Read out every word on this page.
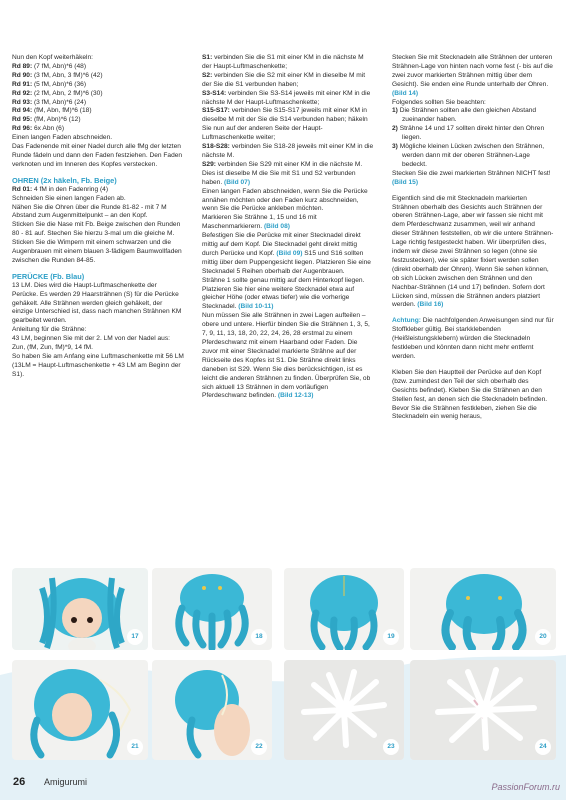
Nun den Kopf weiterhäkeln:

Rd 89: (7 fM, Abn)*6 (48)

Rd 90: (3 fM, Abn, 3 fM)*6 (42)

Rd 91: (5 fM, Abn)*6 (36)

Rd 92: (2 fM, Abn, 2 fM)*6 (30)

Rd 93: (3 fM, Abn)*6 (24)

Rd 94: (fM, Abn, fM)*6 (18)

Rd 95: (fM, Abn)*6 (12)

Rd 96: 6x Abn (6)

Einen langen Faden abschneiden.

Das Fadenende mit einer Nadel durch alle fMg der letzten Runde fädeln und dann den Faden festziehen. Den Faden verknoten und im Inneren des Kopfes verstecken.

OHREN (2x häkeln, Fb. Beige)

Rd 01: 4 fM in den Fadenring (4)

Schneiden Sie einen langen Faden ab.

Nähen Sie die Ohren über die Runde 81-82 - mit 7 M Abstand zum Augenmittelpunkt – an den Kopf.

Sticken Sie die Nase mit Fb. Beige zwischen den Runden 80 - 81 auf. Stechen Sie hierzu 3-mal um die gleiche M. Sticken Sie die Wimpern mit einem schwarzen und die Augenbrauen mit einem blauen 3-fädigem Baumwollfaden zwischen die Runden 84-85.

PERÜCKE (Fb. Blau)

13 LM. Dies wird die Haupt-Luftmaschenkette der Perücke. Es werden 29 Haarsträhnen (S) für die Perücke gehäkelt. Alle Strähnen werden gleich gehäkelt, der einzige Unterschied ist, dass nach manchen Strähnen KM gearbeitet werden.

Anleitung für die Strähne:

43 LM, beginnen Sie mit der 2. LM von der Nadel aus: Zun, (fM, Zun, fM)*9, 14 fM.

So haben Sie am Anfang eine Luftmaschenkette mit 56 LM (13LM = Haupt-Luftmaschenkette + 43 LM am Beginn der S1).

S1: verbinden Sie die S1 mit einer KM in die nächste M der Haupt-Luftmaschenkette;

S2: verbinden Sie die S2 mit einer KM in dieselbe M mit der Sie die S1 verbunden haben;

S3-S14: verbinden Sie S3-S14 jeweils mit einer KM in die nächste M der Haupt-Luftmaschenkette;

S15-S17: verbinden Sie S15-S17 jeweils mit einer KM in dieselbe M mit der Sie die S14 verbunden haben; häkeln Sie nun auf der anderen Seite der Haupt-Luftmaschenkette weiter;

S18-S28: verbinden Sie S18-28 jeweils mit einer KM in die nächste M.

S29: verbinden Sie S29 mit einer KM in die nächste M. Dies ist dieselbe M die Sie mit S1 und S2 verbunden haben. (Bild 07)

Einen langen Faden abschneiden, wenn Sie die Perücke annähen möchten oder den Faden kurz abschneiden, wenn Sie die Perücke ankleben möchten.

Markieren Sie Strähne 1, 15 und 16 mit Maschenmarkierern. (Bild 08)

Befestigen Sie die Perücke mit einer Stecknadel direkt mittig auf dem Kopf. Die Stecknadel geht direkt mittig durch Perücke und Kopf. (Bild 09) S15 und S16 sollten mittig über dem Puppengesicht liegen. Platzieren Sie eine Stecknadel 5 Reihen oberhalb der Augenbrauen.

Strähne 1 sollte genau mittig auf dem Hinterkopf liegen. Platzieren Sie hier eine weitere Stecknadel etwa auf gleicher Höhe (oder etwas tiefer) wie die vorherige Stecknadel. (Bild 10-11)

Nun müssen Sie alle Strähnen in zwei Lagen aufteilen – obere und untere. Hierfür binden Sie die Strähnen 1, 3, 5, 7, 9, 11, 13, 18, 20, 22, 24, 26, 28 erstmal zu einem Pferdeschwanz mit einem Haarband oder Faden. Die zuvor mit einer Stecknadel markierte Strähne auf der Rückseite des Kopfes ist S1. Die Strähne direkt links daneben ist S29. Wenn Sie dies berücksichtigen, ist es leicht die anderen Strähnen zu finden. Überprüfen Sie, ob sich aktuell 13 Strähnen in dem vorläufigen Pferdeschwanz befinden. (Bild 12-13)

Stecken Sie mit Stecknadeln alle Strähnen der unteren Strähnen-Lage von hinten nach vorne fest (- bis auf die zwei zuvor markierten Strähnen mittig über dem Gesicht). Sie enden eine Runde unterhalb der Ohren. (Bild 14)

Folgendes sollten Sie beachten:

1) Die Strähnen sollten alle den gleichen Abstand zueinander haben.

2) Strähne 14 und 17 sollten direkt hinter den Ohren liegen.

3) Mögliche kleinen Lücken zwischen den Strähnen, werden dann mit der oberen Strähnen-Lage bedeckt.

Stecken Sie die zwei markierten Strähnen NICHT fest! (Bild 15)

Eigentlich sind die mit Stecknadeln markierten Strähnen oberhalb des Gesichts auch Strähnen der oberen Strähnen-Lage, aber wir fassen sie nicht mit dem Pferdeschwanz zusammen, weil wir anhand dieser Strähnen feststellen, ob wir die untere Strähnen-Lage richtig festgesteckt haben. Wir überprüfen dies, indem wir diese zwei Strähnen so legen (ohne sie festzustecken), wie sie später fixiert werden sollen (direkt oberhalb der Ohren). Wenn Sie sehen können, ob sich Lücken zwischen den Strähnen und den Nachbar-Strähnen (14 und 17) befinden. Sofern dort Lücken sind, müssen die Strähnen anders platziert werden. (Bild 16)

Achtung: Die nachfolgenden Anweisungen sind nur für Stoffkleber gültig. Bei starkklebenden (Heißleistungsklebern) würden die Stecknadeln festkleben und könnten dann nicht mehr entfernt werden.

Kleben Sie den Hauptteil der Perücke auf den Kopf (bzw. zumindest den Teil der sich oberhalb des Gesichts befindet). Kleben Sie die Strähnen an den Stellen fest, an denen sich die Stecknadeln befinden. Bevor Sie die Strähnen festkleben, ziehen Sie die Stecknadeln ein wenig heraus,

17	18	19	20
21	22	23	24
26 Amigurumi	PassionForum.ru
